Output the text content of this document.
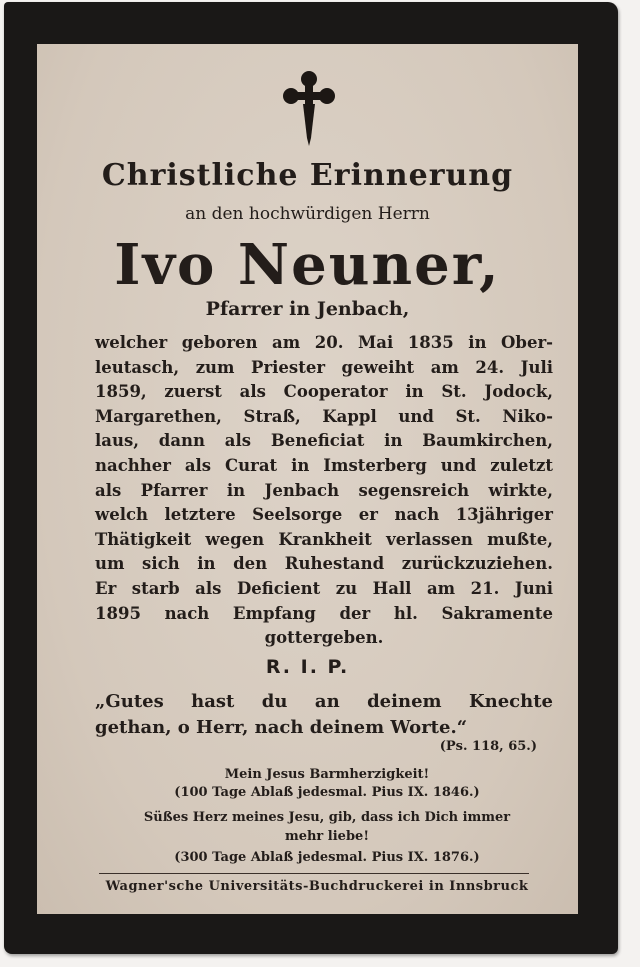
Christliche Erinnerung
an den hochwürdigen Herrn
Ivo Neuner,
Pfarrer in Jenbach,
welcher geboren am 20. Mai 1835 in Ober-
leutasch, zum Priester geweiht am 24. Juli
1859, zuerst als Cooperator in St. Jodock,
Margarethen, Straß, Kappl und St. Niko-
laus, dann als Beneficiat in Baumkirchen,
nachher als Curat in Imsterberg und zuletzt
als Pfarrer in Jenbach segensreich wirkte,
welch letztere Seelsorge er nach 13jähriger
Thätigkeit wegen Krankheit verlassen mußte,
um sich in den Ruhestand zurückzuziehen.
Er starb als Deficient zu Hall am 21. Juni
1895 nach Empfang der hl. Sakramente
gottergeben.
R. I. P.
„Gutes hast du an deinem Knechte
gethan, o Herr, nach deinem Worte.“
(Ps. 118, 65.)
Mein Jesus Barmherzigkeit!
(100 Tage Ablaß jedesmal. Pius IX. 1846.)
Süßes Herz meines Jesu, gib, dass ich Dich immer
mehr liebe!
(300 Tage Ablaß jedesmal. Pius IX. 1876.)
Wagner'sche Universitäts-Buchdruckerei in Innsbruck
